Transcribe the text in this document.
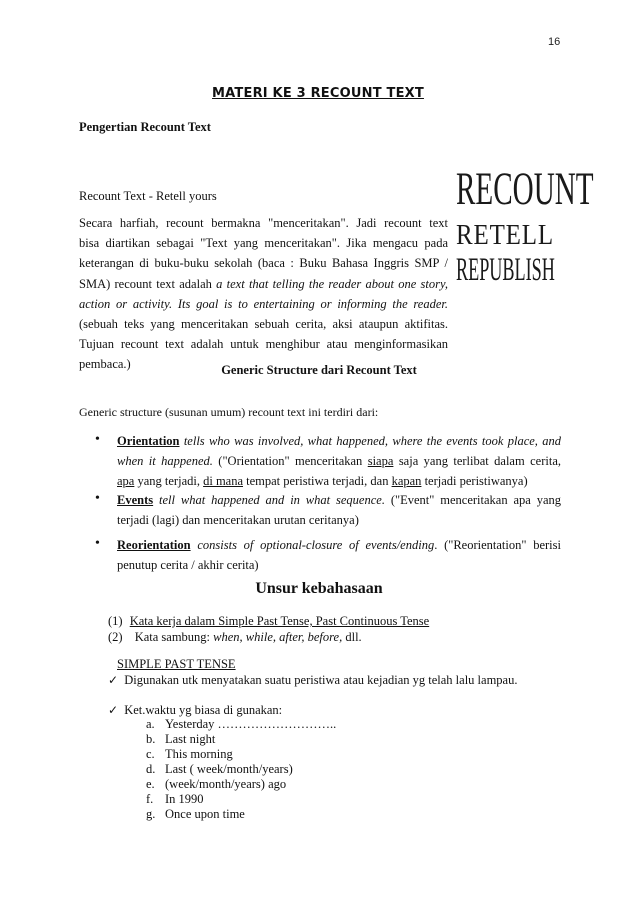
16
MATERI KE 3 RECOUNT TEXT
Pengertian Recount Text
Recount Text - Retell yours	RECOUNT
RETELL
REPUBLISH
Secara harfiah, recount bermakna "menceritakan". Jadi recount text
bisa diartikan sebagai "Text yang menceritakan". Jika mengacu pada
keterangan di buku-buku sekolah (baca : Buku Bahasa Inggris SMP /
SMA) recount text adalah a text that telling the reader about one story,
action or activity. Its goal is to entertaining or informing the reader.
(sebuah teks yang menceritakan sebuah cerita, aksi ataupun aktifitas.
Tujuan recount text adalah untuk menghibur atau menginformasikan
pembaca.)	Generic Structure dari Recount Text
Generic structure (susunan umum) recount text ini terdiri dari:
• Orientation tells who was involved, what happened, where the events took place, and
when it happened. ("Orientation" menceritakan siapa saja yang terlibat dalam cerita,
apa yang terjadi, di mana tempat peristiwa terjadi, dan kapan terjadi peristiwanya)
• Events tell what happened and in what sequence. ("Event" menceritakan apa yang
terjadi (lagi) dan menceritakan urutan ceritanya)
• Reorientation consists of optional-closure of events/ending. ("Reorientation" berisi
penutup cerita / akhir cerita)
Unsur kebahasaan
(1) Kata kerja dalam Simple Past Tense, Past Continuous Tense
(2) Kata sambung: when, while, after, before, dll.
SIMPLE PAST TENSE
✓ Digunakan utk menyatakan suatu peristiwa atau kejadian yg telah lalu lampau.
✓ Ket.waktu yg biasa di gunakan:
a. Yesterday ………………………..
b. Last night
c. This morning
d. Last ( week/month/years)
e. (week/month/years) ago
f. In 1990
g. Once upon time
